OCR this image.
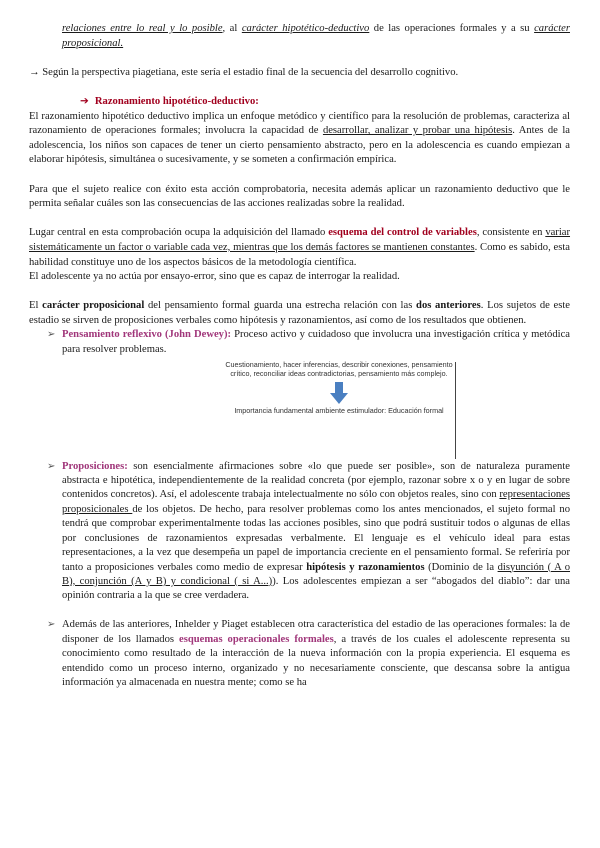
relaciones entre lo real y lo posible, al carácter hipotético-deductivo de las operaciones formales y a su carácter proposicional.

→ Según la perspectiva piagetiana, este sería el estadio final de la secuencia del desarrollo cognitivo.

➔ Razonamiento hipotético-deductivo:

El razonamiento hipotético deductivo implica un enfoque metódico y científico para la resolución de problemas, caracteriza al razonamiento de operaciones formales; involucra la capacidad de desarrollar, analizar y probar una hipótesis. Antes de la adolescencia, los niños son capaces de tener un cierto pensamiento abstracto, pero en la adolescencia es cuando empiezan a elaborar hipótesis, simultánea o sucesivamente, y se someten a confirmación empírica.

Para que el sujeto realice con éxito esta acción comprobatoria, necesita además aplicar un razonamiento deductivo que le permita señalar cuáles son las consecuencias de las acciones realizadas sobre la realidad.

Lugar central en esta comprobación ocupa la adquisición del llamado esquema del control de variables, consistente en variar sistemáticamente un factor o variable cada vez, mientras que los demás factores se mantienen constantes. Como es sabido, esta habilidad constituye uno de los aspectos básicos de la metodología científica.

El adolescente ya no actúa por ensayo-error, sino que es capaz de interrogar la realidad.

El carácter proposicional del pensamiento formal guarda una estrecha relación con las dos anteriores. Los sujetos de este estadio se sirven de proposiciones verbales como hipótesis y razonamientos, así como de los resultados que obtienen.

➢ Pensamiento reflexivo (John Dewey): Proceso activo y cuidadoso que involucra una investigación crítica y metódica para resolver problemas.

Cuestionamiento, hacer inferencias, describir conexiones, pensamiento crítico, reconciliar ideas contradictorias, pensamiento más complejo.
Importancia fundamental ambiente estimulador: Educación formal

➢ Proposiciones: son esencialmente afirmaciones sobre «lo que puede ser posible», son de naturaleza puramente abstracta e hipotética, independientemente de la realidad concreta (por ejemplo, razonar sobre x o y en lugar de sobre contenidos concretos). Así, el adolescente trabaja intelectualmente no sólo con objetos reales, sino con representaciones proposicionales de los objetos. De hecho, para resolver problemas como los antes mencionados, el sujeto formal no tendrá que comprobar experimentalmente todas las acciones posibles, sino que podrá sustituir todos o algunas de ellas por conclusiones de razonamientos expresadas verbalmente. El lenguaje es el vehículo ideal para estas representaciones, a la vez que desempeña un papel de importancia creciente en el pensamiento formal. Se referiría por tanto a proposiciones verbales como medio de expresar hipótesis y razonamientos (Dominio de la disyunción ( A o B), conjunción (A y B) y condicional ( si A...)). Los adolescentes empiezan a ser “abogados del diablo”: dar una opinión contraria a la que se cree verdadera.

➢ Además de las anteriores, Inhelder y Piaget establecen otra característica del estadio de las operaciones formales: la de disponer de los llamados esquemas operacionales formales, a través de los cuales el adolescente representa su conocimiento como resultado de la interacción de la nueva información con la propia experiencia. El esquema es entendido como un proceso interno, organizado y no necesariamente consciente, que descansa sobre la antigua información ya almacenada en nuestra mente; como se ha
